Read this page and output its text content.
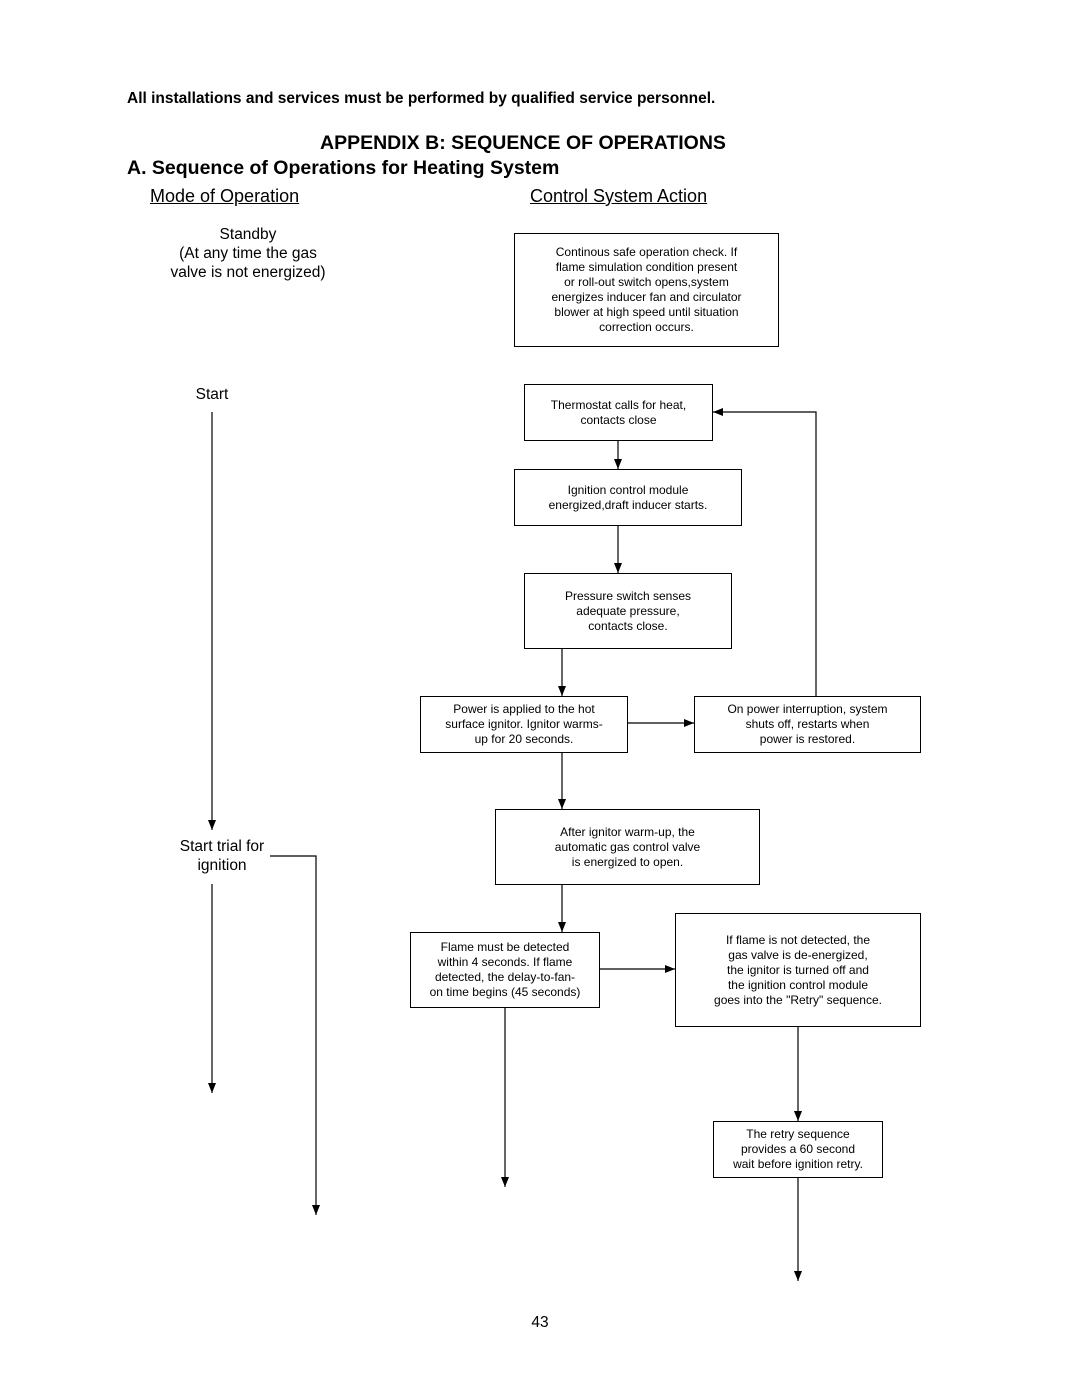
All installations and services must be performed by qualified service personnel.
APPENDIX B: SEQUENCE OF OPERATIONS
A. Sequence of Operations for Heating System
Mode of Operation	Control System Action
Standby
(At any time the gas
valve is not energized)
Start
Start trial for
ignition
Continous safe operation check. If
flame simulation condition present
or roll-out switch opens,system
energizes inducer fan and circulator
blower at high speed until situation
correction occurs.
Thermostat calls for heat,
contacts close
Ignition control module
energized,draft inducer starts.
Pressure switch senses
adequate pressure,
contacts close.
Power is applied to the hot
surface ignitor. Ignitor warms-
up for 20 seconds.
On power interruption, system
shuts off, restarts when
power is restored.
After ignitor warm-up, the
automatic gas control valve
is energized to open.
Flame must be detected
within 4 seconds. If flame
detected, the delay-to-fan-
on time begins (45 seconds)
If flame is not detected, the
gas valve is de-energized,
the ignitor is turned off and
the ignition control module
goes into the "Retry" sequence.
The retry sequence
provides a 60 second
wait before ignition retry.
43
